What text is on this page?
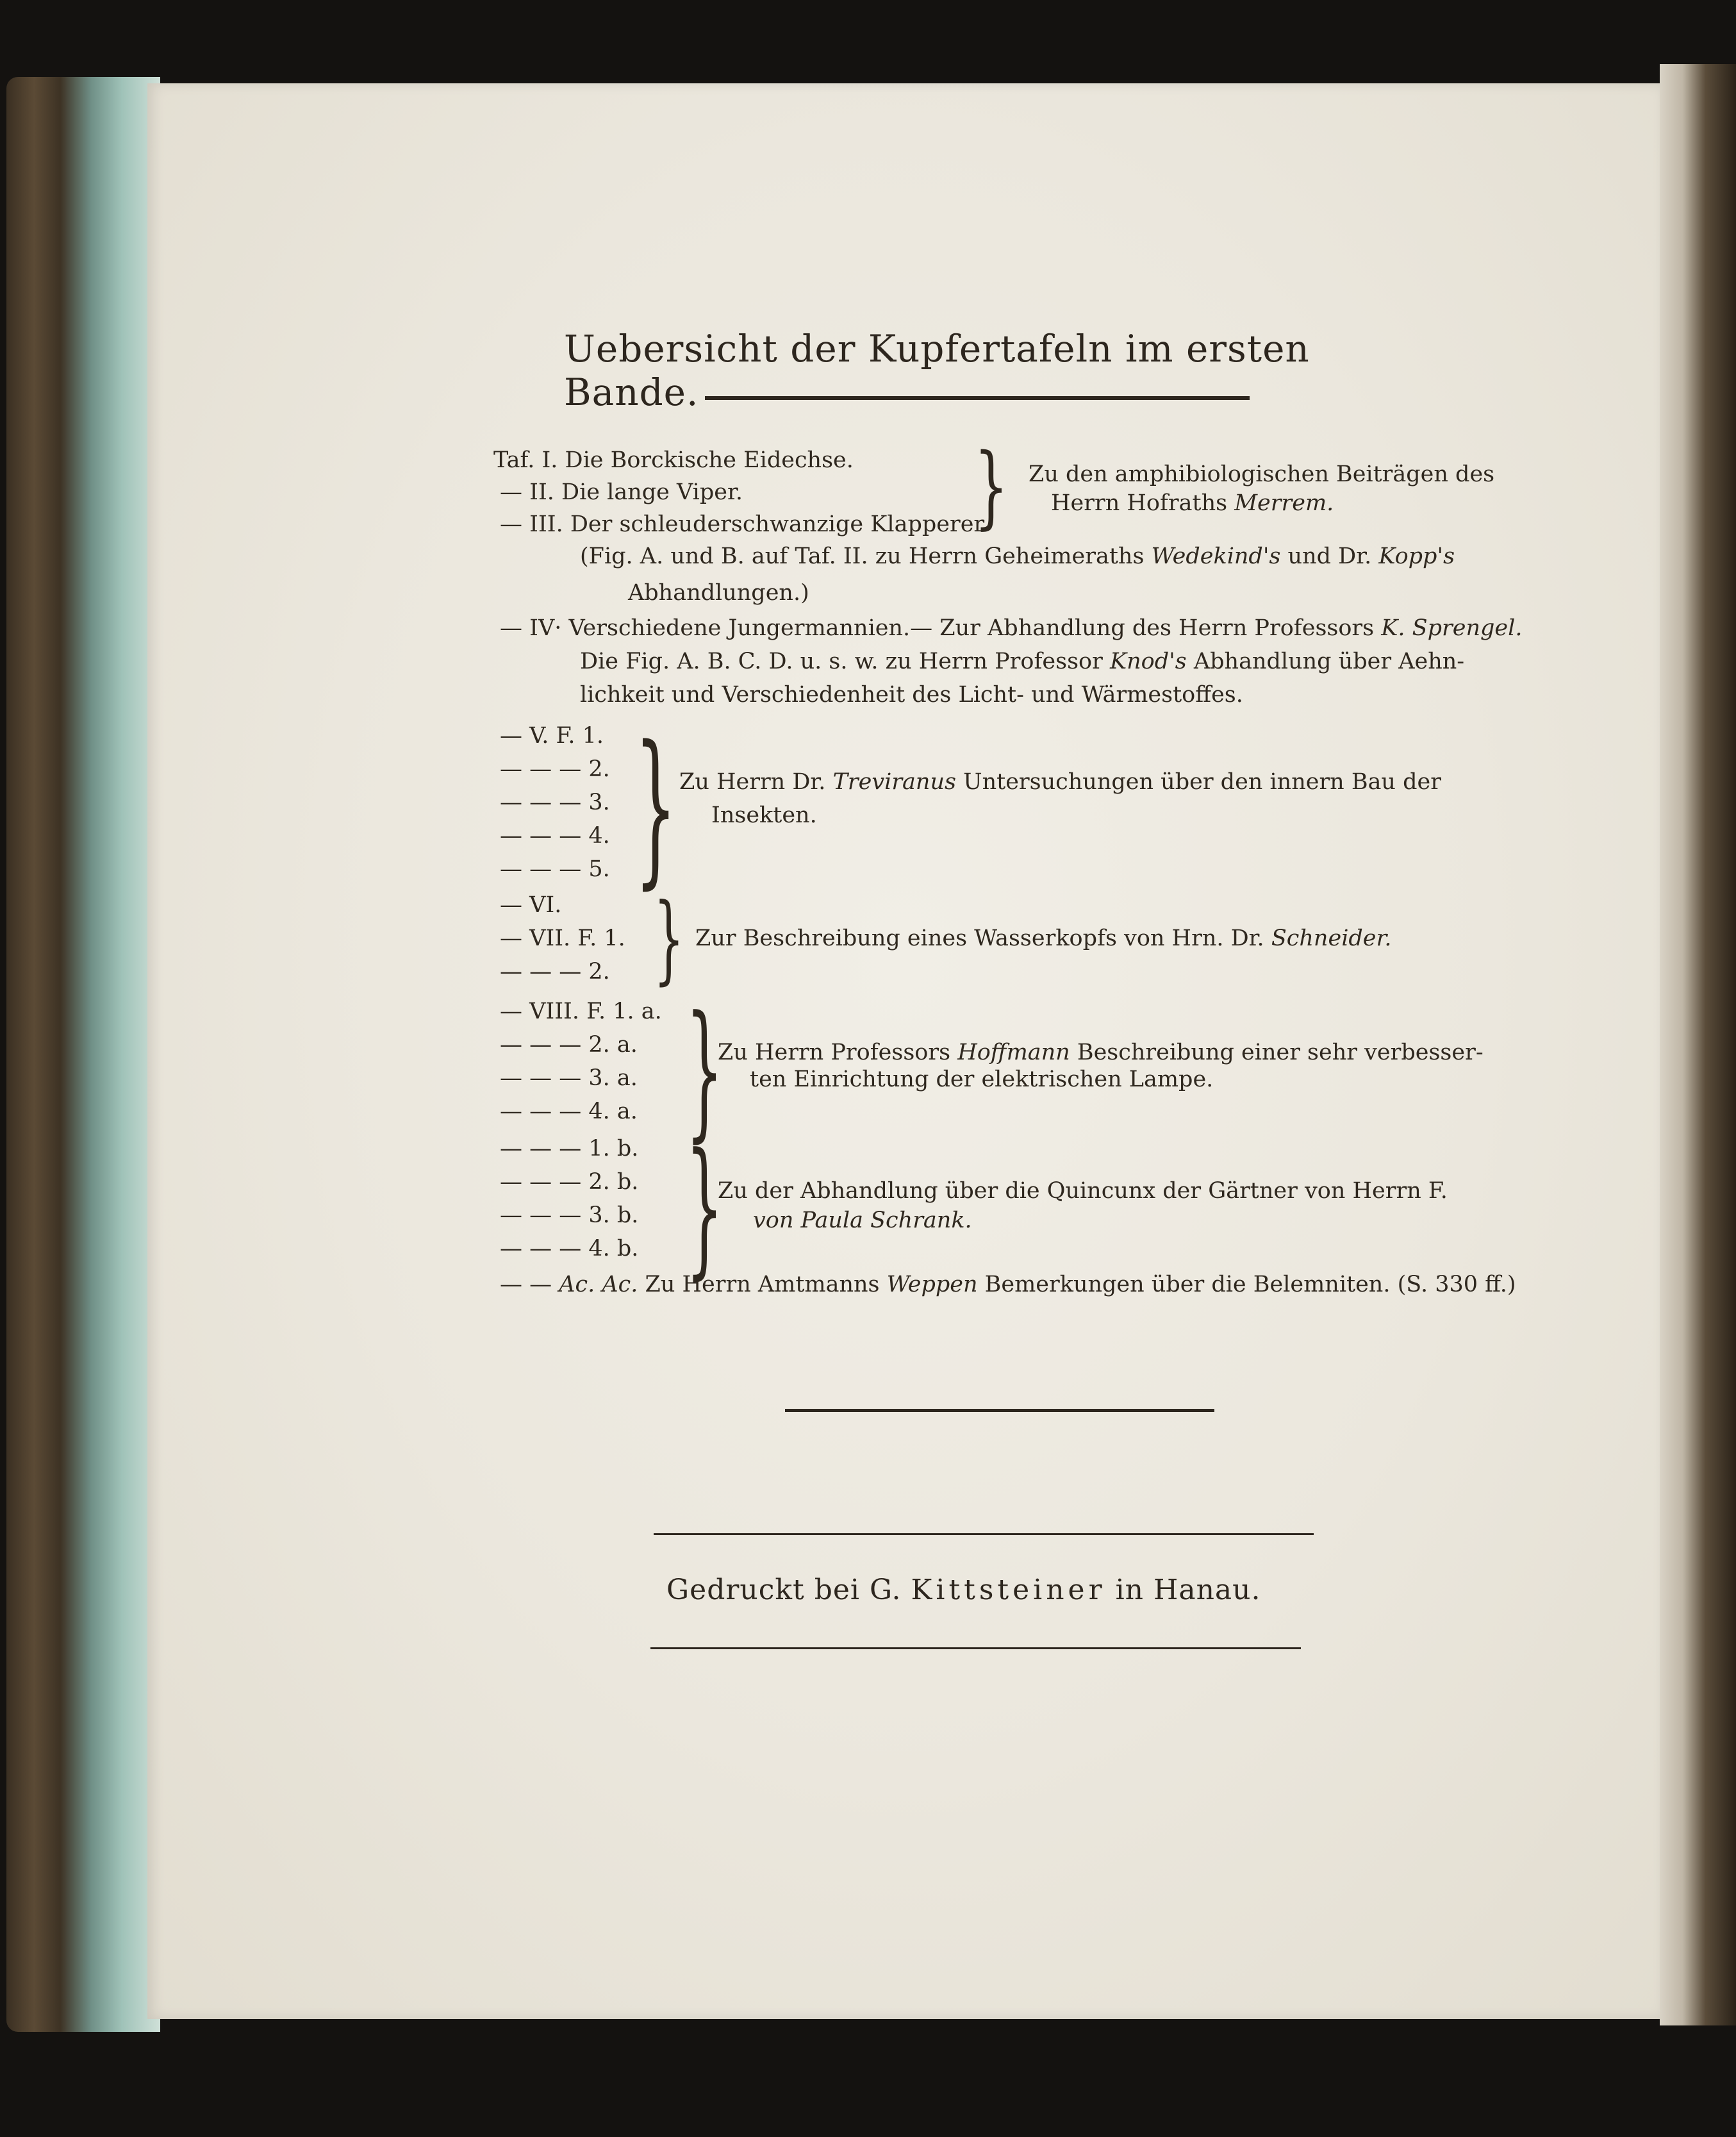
Uebersicht der Kupfertafeln im ersten Bande.
Taf. I. Die Borckische Eidechse.
— II. Die lange Viper.
— III. Der schleuderschwanzige Klapperer.
} Zu den amphibiologischen Beiträgen des
Herrn Hofraths Merrem.
(Fig. A. und B. auf Taf. II. zu Herrn Geheimeraths Wedekind's und Dr. Kopp's
Abhandlungen.)
— IV· Verschiedene Jungermannien.— Zur Abhandlung des Herrn Professors K. Sprengel.
Die Fig. A. B. C. D. u. s. w. zu Herrn Professor Knod's Abhandlung über Aehn-
lichkeit und Verschiedenheit des Licht- und Wärmestoffes.
— V. F. 1.
— — — 2.
— — — 3.
— — — 4.
— — — 5. } Zu Herrn Dr. Treviranus Untersuchungen über den innern Bau der
Insekten.
— VI.
— VII. F. 1.
— — — 2. } Zur Beschreibung eines Wasserkopfs von Hrn. Dr. Schneider.
— VIII. F. 1. a.
— — — 2. a.
— — — 3. a.
— — — 4. a.
— — — 1. b.
— — — 2. b.
— — — 3. b.
— — — 4. b.
}
}
Zu Herrn Professors Hoffmann Beschreibung einer sehr verbesser-
ten Einrichtung der elektrischen Lampe.
Zu der Abhandlung über die Quincunx der Gärtner von Herrn F.
von Paula Schrank.
— — Ac. Ac. Zu Herrn Amtmanns Weppen Bemerkungen über die Belemniten. (S. 330 ff.)
Gedruckt bei G. Kittsteiner in Hanau.
